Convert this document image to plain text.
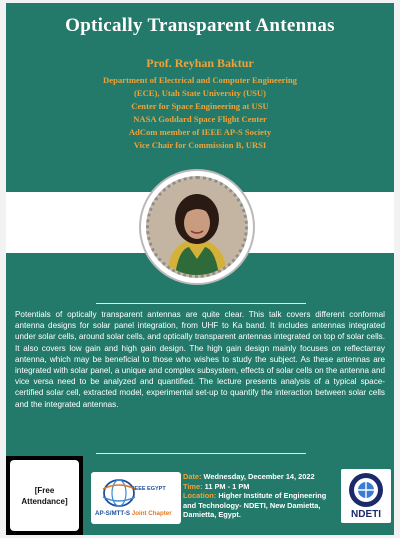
Optically Transparent Antennas
Prof. Reyhan Baktur
Department of Electrical and Computer Engineering
(ECE), Utah State University (USU)
Center for Space Engineering at USU
NASA Goddard Space Flight Center
AdCom member of IEEE AP-S Society
Vice Chair for Commission B, URSI
Potentials of optically transparent antennas are quite clear. This talk covers different conformal antenna designs for solar panel integration, from UHF to Ka band. It includes antennas integrated under solar cells, around solar cells, and optically transparent antennas integrated on top of solar cells. It also covers low gain and high gain design. The high gain design mainly focuses on reflectarray antenna, which may be beneficial to those who wishes to study the subject. As these antennas are integrated with solar panel, a unique and complex subsystem, effects of solar cells on the antenna and vice versa need to be analyzed and quantified. The lecture presents analysis of a typical space-certified solar cell, extracted model, experimental set-up to quantify the interaction between solar cells and the integrated antennas.
[Free
Attendance]
IEEE EGYPT
AP-S/MTT-S Joint Chapter
Date: Wednesday, December 14, 2022
Time: 11 PM - 1 PM
Location: Higher Institute of Engineering and Technology- NDETI, New Damietta, Damietta, Egypt.	NDETI
